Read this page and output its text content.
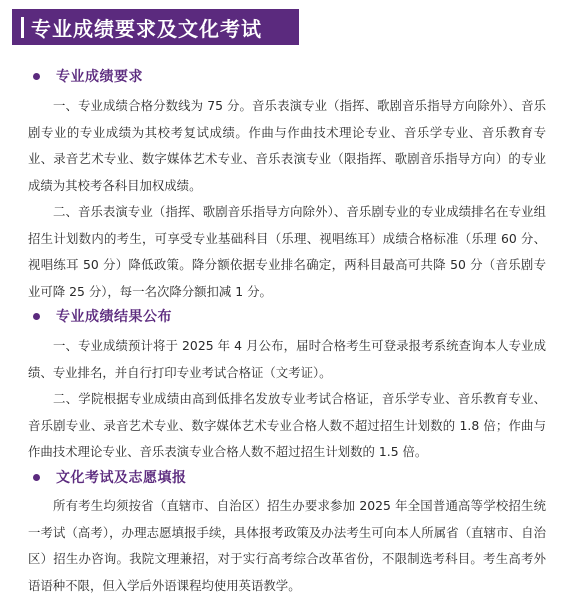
专业成绩要求及文化考试
专业成绩要求

一、专业成绩合格分数线为 75 分。音乐表演专业（指挥、歌剧音乐指导方向除外）、音乐剧专业的专业成绩为其校考复试成绩。作曲与作曲技术理论专业、音乐学专业、音乐教育专业、录音艺术专业、数字媒体艺术专业、音乐表演专业（限指挥、歌剧音乐指导方向）的专业成绩为其校考各科目加权成绩。

二、音乐表演专业（指挥、歌剧音乐指导方向除外）、音乐剧专业的专业成绩排名在专业组招生计划数内的考生，可享受专业基础科目（乐理、视唱练耳）成绩合格标准（乐理 60 分、视唱练耳 50 分）降低政策。降分额依据专业排名确定，两科目最高可共降 50 分（音乐剧专业可降 25 分），每一名次降分额扣减 1 分。

专业成绩结果公布

一、专业成绩预计将于 2025 年 4 月公布，届时合格考生可登录报考系统查询本人专业成绩、专业排名，并自行打印专业考试合格证（文考证）。

二、学院根据专业成绩由高到低排名发放专业考试合格证，音乐学专业、音乐教育专业、音乐剧专业、录音艺术专业、数字媒体艺术专业合格人数不超过招生计划数的 1.8 倍；作曲与作曲技术理论专业、音乐表演专业合格人数不超过招生计划数的 1.5 倍。

文化考试及志愿填报

所有考生均须按省（直辖市、自治区）招生办要求参加 2025 年全国普通高等学校招生统一考试（高考），办理志愿填报手续，具体报考政策及办法考生可向本人所属省（直辖市、自治区）招生办咨询。我院文理兼招，对于实行高考综合改革省份，不限制选考科目。考生高考外语语种不限，但入学后外语课程均使用英语教学。
